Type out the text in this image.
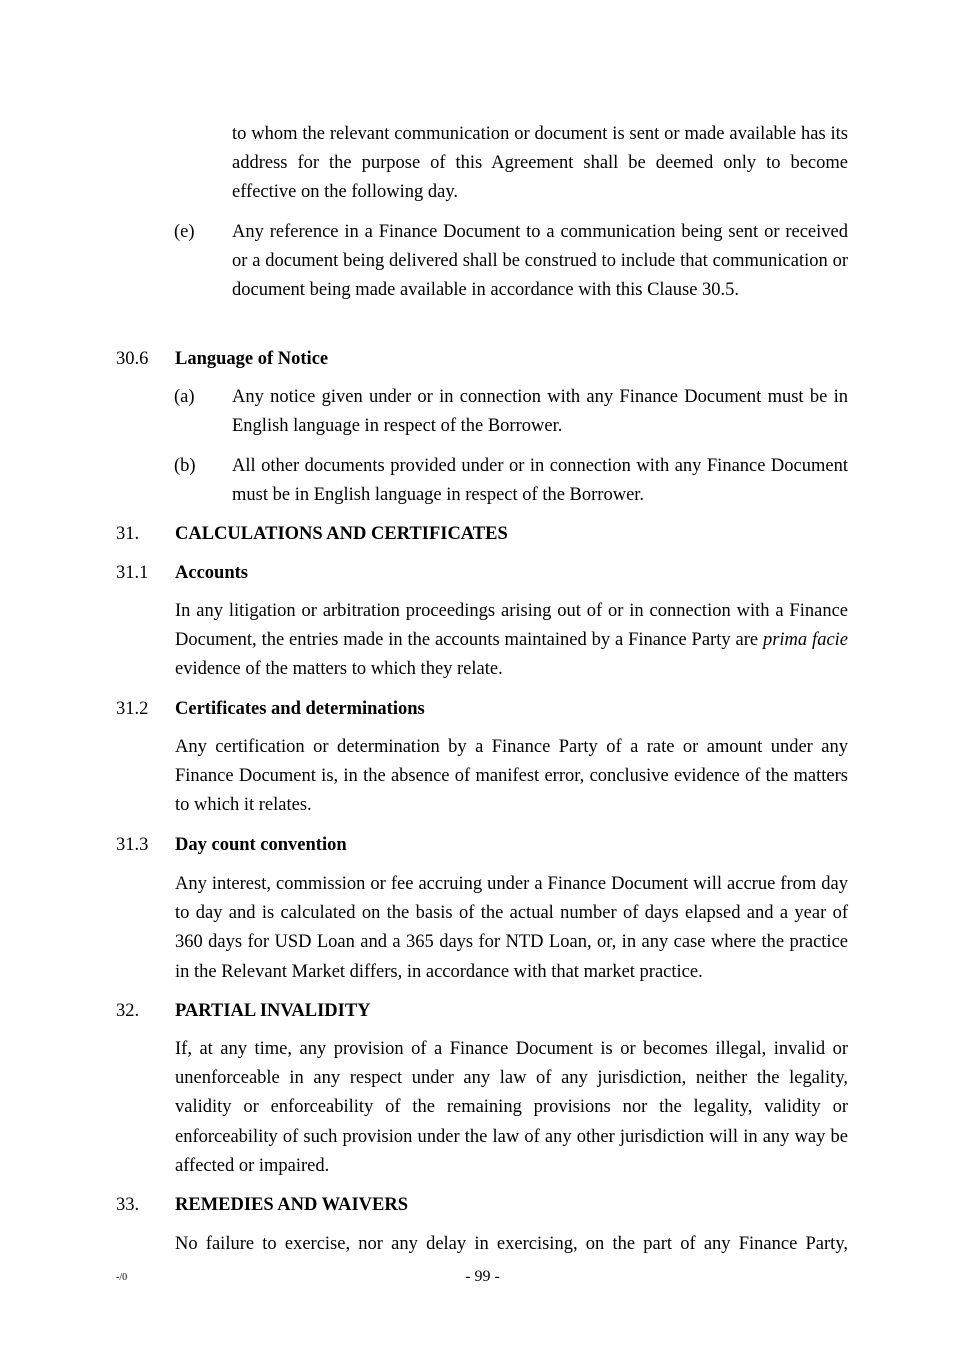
to whom the relevant communication or document is sent or made available has its address for the purpose of this Agreement shall be deemed only to become effective on the following day.

(e) Any reference in a Finance Document to a communication being sent or received or a document being delivered shall be construed to include that communication or document being made available in accordance with this Clause 30.5.

30.6 Language of Notice
(a) Any notice given under or in connection with any Finance Document must be in English language in respect of the Borrower.

(b) All other documents provided under or in connection with any Finance Document must be in English language in respect of the Borrower.

31. CALCULATIONS AND CERTIFICATES
31.1 Accounts

In any litigation or arbitration proceedings arising out of or in connection with a Finance Document, the entries made in the accounts maintained by a Finance Party are prima facie evidence of the matters to which they relate.

31.2 Certificates and determinations

Any certification or determination by a Finance Party of a rate or amount under any Finance Document is, in the absence of manifest error, conclusive evidence of the matters to which it relates.

31.3 Day count convention

Any interest, commission or fee accruing under a Finance Document will accrue from day to day and is calculated on the basis of the actual number of days elapsed and a year of 360 days for USD Loan and a 365 days for NTD Loan, or, in any case where the practice in the Relevant Market differs, in accordance with that market practice.

32. PARTIAL INVALIDITY

If, at any time, any provision of a Finance Document is or becomes illegal, invalid or unenforceable in any respect under any law of any jurisdiction, neither the legality, validity or enforceability of the remaining provisions nor the legality, validity or enforceability of such provision under the law of any other jurisdiction will in any way be affected or impaired.

33. REMEDIES AND WAIVERS

No failure to exercise, nor any delay in exercising, on the part of any Finance Party,

-/0	- 99 -
